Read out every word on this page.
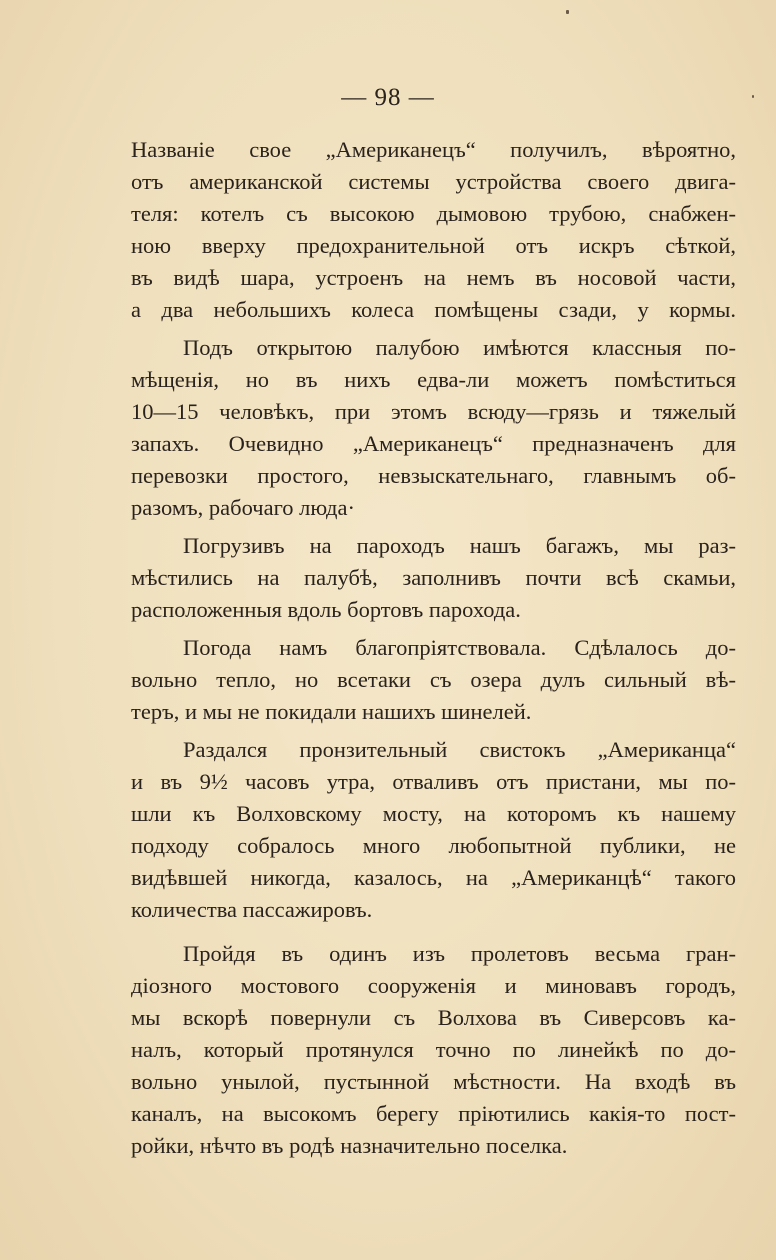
— 98 —

Названіе свое „Американецъ“ получилъ, вѣроятно,
отъ американской системы устройства своего двига-
теля: котелъ съ высокою дымовою трубою, снабжен-
ною вверху предохранительной отъ искръ сѣткой,
въ видѣ шара, устроенъ на немъ въ носовой части,
а два небольшихъ колеса помѣщены сзади, у кормы.

Подъ открытою палубою имѣются классныя по-
мѣщенія, но въ нихъ едва-ли можетъ помѣститься
10—15 человѣкъ, при этомъ всюду—грязь и тяжелый
запахъ. Очевидно „Американецъ“ предназначенъ для
перевозки простого, невзыскательнаго, главнымъ об-
разомъ, рабочаго люда·

Погрузивъ на пароходъ нашъ багажъ, мы раз-
мѣстились на палубѣ, заполнивъ почти всѣ скамьи,
расположенныя вдоль бортовъ парохода.

Погода намъ благопріятствовала. Сдѣлалось до-
вольно тепло, но всетаки съ озера дулъ сильный вѣ-
теръ, и мы не покидали нашихъ шинелей.

Раздался пронзительный свистокъ „Американца“
и въ 9½ часовъ утра, отваливъ отъ пристани, мы по-
шли къ Волховскому мосту, на которомъ къ нашему
подходу собралось много любопытной публики, не
видѣвшей никогда, казалось, на „Американцѣ“ такого
количества пассажировъ.

Пройдя въ одинъ изъ пролетовъ весьма гран-
діозного мостового сооруженія и миновавъ городъ,
мы вскорѣ повернули съ Волхова въ Сиверсовъ ка-
налъ, который протянулся точно по линейкѣ по до-
вольно унылой, пустынной мѣстности. На входѣ въ
каналъ, на высокомъ берегу пріютились какія-то пост-
ройки, нѣчто въ родѣ назначительно поселка.
